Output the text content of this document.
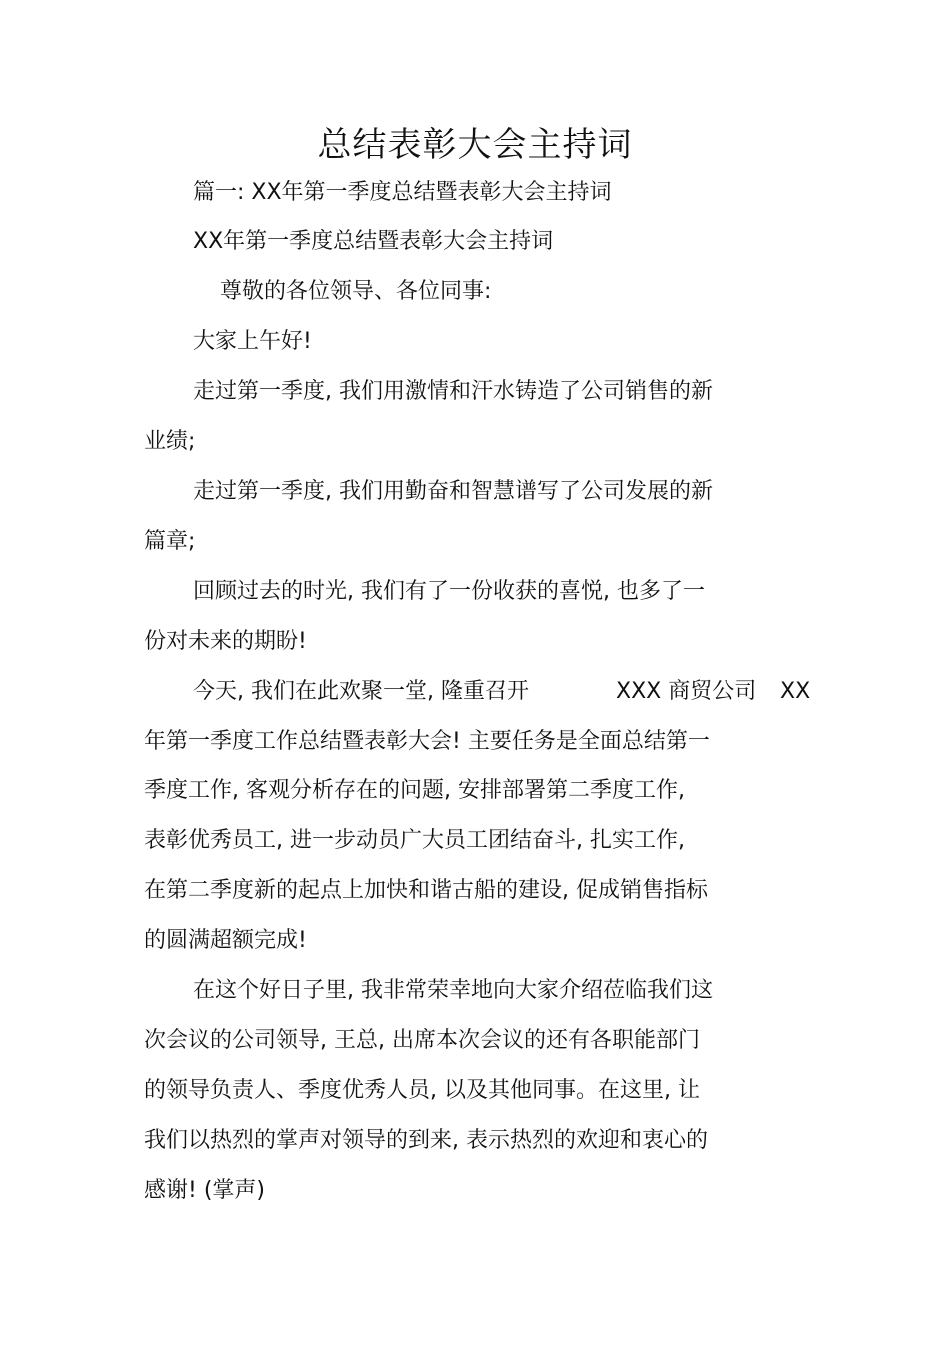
总结表彰大会主持词
篇一: XX年第一季度总结暨表彰大会主持词
XX年第一季度总结暨表彰大会主持词
尊敬的各位领导、各位同事:
大家上午好!
走过第一季度, 我们用激情和汗水铸造了公司销售的新
业绩;
走过第一季度, 我们用勤奋和智慧谱写了公司发展的新
篇章;
回顾过去的时光, 我们有了一份收获的喜悦, 也多了一
份对未来的期盼!
今天, 我们在此欢聚一堂, 隆重召开	XXX 商贸公司 XX
年第一季度工作总结暨表彰大会! 主要任务是全面总结第一
季度工作, 客观分析存在的问题, 安排部署第二季度工作,
表彰优秀员工, 进一步动员广大员工团结奋斗, 扎实工作,
在第二季度新的起点上加快和谐古船的建设, 促成销售指标
的圆满超额完成!
在这个好日子里, 我非常荣幸地向大家介绍莅临我们这
次会议的公司领导, 王总, 出席本次会议的还有各职能部门
的领导负责人、季度优秀人员, 以及其他同事。在这里, 让
我们以热烈的掌声对领导的到来, 表示热烈的欢迎和衷心的
感谢! (掌声)
